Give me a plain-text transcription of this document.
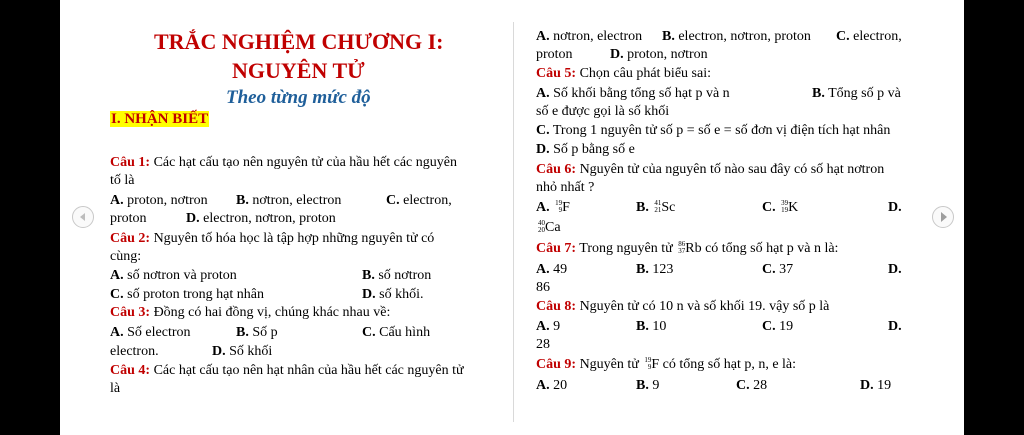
TRẮC NGHIỆM CHƯƠNG I:
NGUYÊN TỬ
Theo từng mức độ
I. NHẬN BIẾT
Câu 1: Các hạt cấu tạo nên nguyên tử của hầu hết các nguyên
tố là
A. proton, nơtron B. nơtron, electron	C. electron,
proton	D. electron, nơtron, proton
Câu 2: Nguyên tố hóa học là tập hợp những nguyên tử có
cùng:
A. số nơtron và proton	B. số nơtron
C. số proton trong hạt nhân	D. số khối.
Câu 3: Đồng có hai đồng vị, chúng khác nhau về:
A. Số electron	B. Số p	C. Cấu hình
electron.	D. Số khối
Câu 4: Các hạt cấu tạo nên hạt nhân của hầu hết các nguyên tử
là
A. nơtron, electron B. electron, nơtron, proton C. electron,
proton	D. proton, nơtron
Câu 5: Chọn câu phát biểu sai:
A. Số khối bằng tổng số hạt p và n	B. Tổng số p và
số e được gọi là số khối
C. Trong 1 nguyên tử số p = số e = số đơn vị điện tích hạt nhân
D. Số p bằng số e
Câu 6: Nguyên tử của nguyên tố nào sau đây có số hạt nơtron
nhỏ nhất ?
A. 19
9 F	B. 41
21 Sc	C. 39
19 K	D.
40
20 Ca
Câu 7: Trong nguyên tử 86
37 Rb có tổng số hạt p và n là:
A. 49	B. 123	C. 37	D.
86
Câu 8: Nguyên tử có 10 n và số khối 19. vậy số p là
A. 9	B. 10	C. 19	D.
28
Câu 9: Nguyên tử 19
9 F có tổng số hạt p, n, e là:
A. 20	B. 9	C. 28	D. 19
